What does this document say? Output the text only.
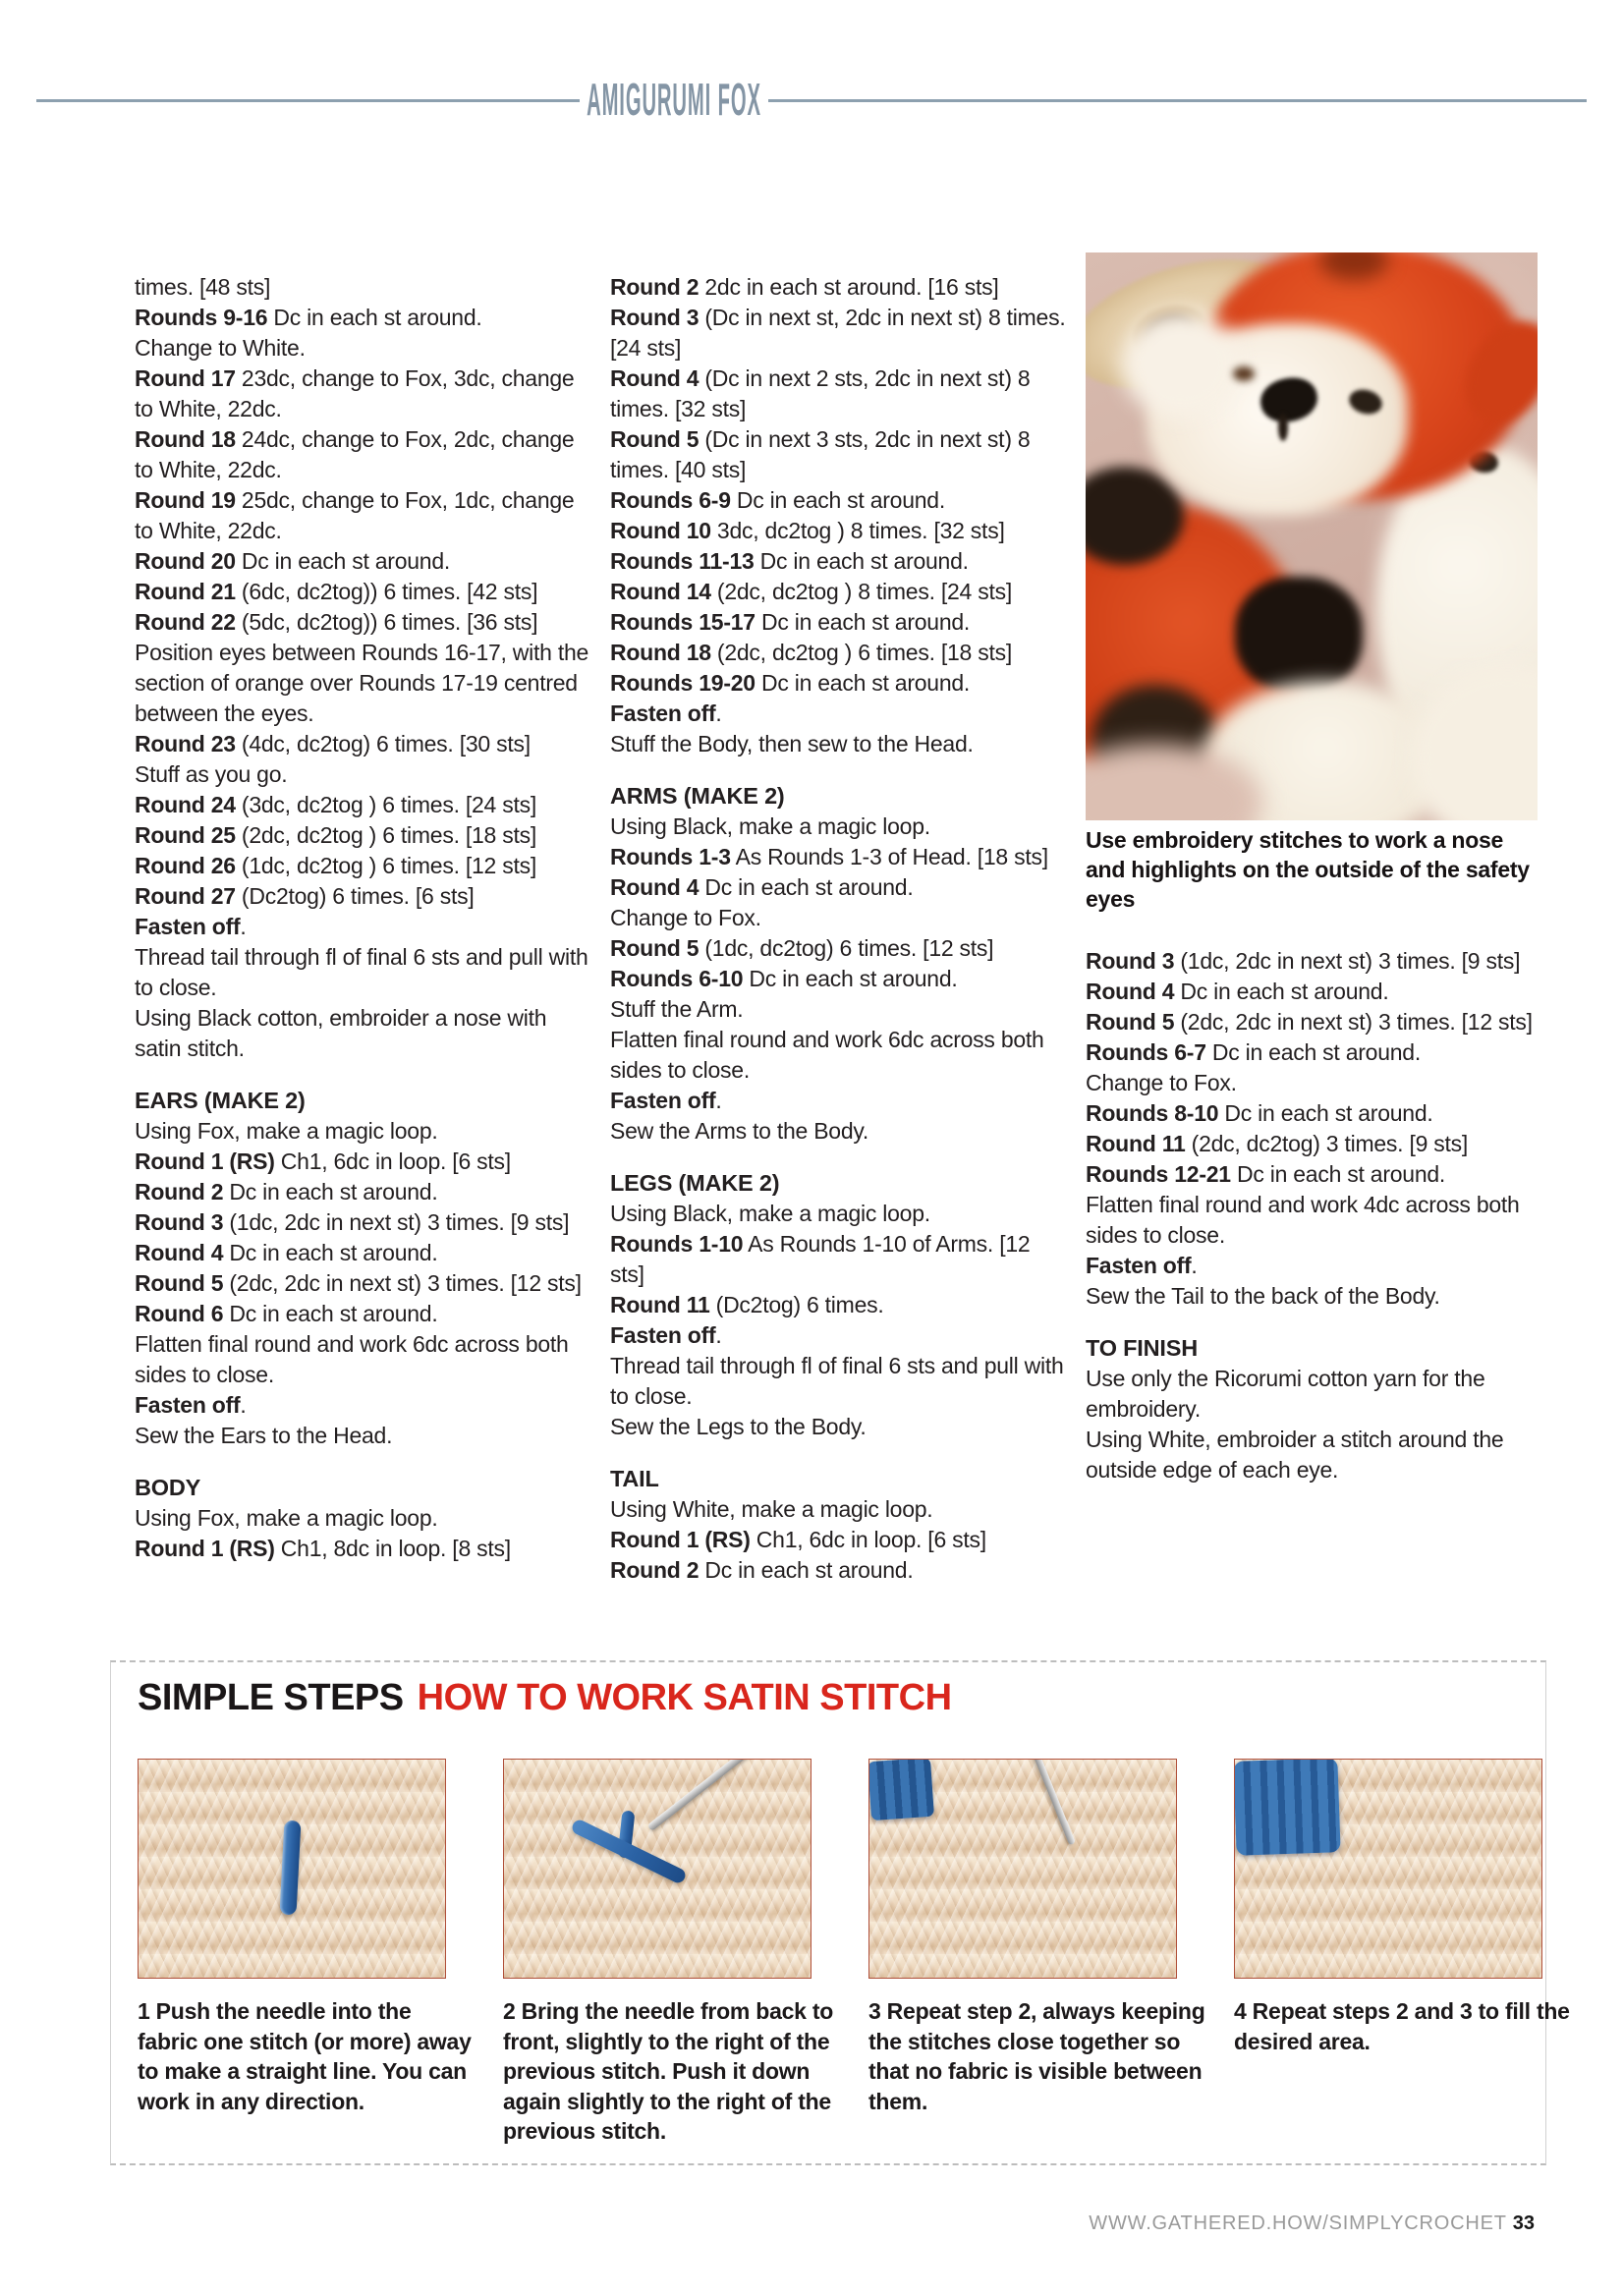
AMIGURUMI FOX

times. [48 sts]

Rounds 9-16 Dc in each st around.

Change to White.

Round 17 23dc, change to Fox, 3dc, change to White, 22dc.

Round 18 24dc, change to Fox, 2dc, change to White, 22dc.

Round 19 25dc, change to Fox, 1dc, change to White, 22dc.

Round 20 Dc in each st around.

Round 21 (6dc, dc2tog)) 6 times. [42 sts]

Round 22 (5dc, dc2tog)) 6 times. [36 sts]

Position eyes between Rounds 16-17, with the section of orange over Rounds 17-19 centred between the eyes.

Round 23 (4dc, dc2tog) 6 times. [30 sts]

Stuff as you go.

Round 24 (3dc, dc2tog ) 6 times. [24 sts]

Round 25 (2dc, dc2tog ) 6 times. [18 sts]

Round 26 (1dc, dc2tog ) 6 times. [12 sts]

Round 27 (Dc2tog) 6 times. [6 sts]

Fasten off.

Thread tail through fl of final 6 sts and pull with to close.

Using Black cotton, embroider a nose with satin stitch.

EARS (MAKE 2)

Using Fox, make a magic loop.

Round 1 (RS) Ch1, 6dc in loop. [6 sts]

Round 2 Dc in each st around.

Round 3 (1dc, 2dc in next st) 3 times. [9 sts]

Round 4 Dc in each st around.

Round 5 (2dc, 2dc in next st) 3 times. [12 sts]

Round 6 Dc in each st around.

Flatten final round and work 6dc across both sides to close.

Fasten off.

Sew the Ears to the Head.

BODY

Using Fox, make a magic loop.

Round 1 (RS) Ch1, 8dc in loop. [8 sts]

Round 2 2dc in each st around. [16 sts]

Round 3 (Dc in next st, 2dc in next st) 8 times. [24 sts]

Round 4 (Dc in next 2 sts, 2dc in next st) 8 times. [32 sts]

Round 5 (Dc in next 3 sts, 2dc in next st) 8 times. [40 sts]

Rounds 6-9 Dc in each st around.

Round 10 3dc, dc2tog ) 8 times. [32 sts]

Rounds 11-13 Dc in each st around.

Round 14 (2dc, dc2tog ) 8 times. [24 sts]

Rounds 15-17 Dc in each st around.

Round 18 (2dc, dc2tog ) 6 times. [18 sts]

Rounds 19-20 Dc in each st around.

Fasten off.

Stuff the Body, then sew to the Head.

ARMS (MAKE 2)

Using Black, make a magic loop.

Rounds 1-3 As Rounds 1-3 of Head. [18 sts]

Round 4 Dc in each st around.

Change to Fox.

Round 5 (1dc, dc2tog) 6 times. [12 sts]

Rounds 6-10 Dc in each st around.

Stuff the Arm.

Flatten final round and work 6dc across both sides to close.

Fasten off.

Sew the Arms to the Body.

LEGS (MAKE 2)

Using Black, make a magic loop.

Rounds 1-10 As Rounds 1-10 of Arms. [12 sts]

Round 11 (Dc2tog) 6 times.

Fasten off.

Thread tail through fl of final 6 sts and pull with to close.

Sew the Legs to the Body.

TAIL

Using White, make a magic loop.

Round 1 (RS) Ch1, 6dc in loop. [6 sts]

Round 2 Dc in each st around.

Round 3 (1dc, 2dc in next st) 3 times. [9 sts]

Round 4 Dc in each st around.

Round 5 (2dc, 2dc in next st) 3 times. [12 sts]

Rounds 6-7 Dc in each st around.

Change to Fox.

Rounds 8-10 Dc in each st around.

Round 11 (2dc, dc2tog) 3 times. [9 sts]

Rounds 12-21 Dc in each st around.

Flatten final round and work 4dc across both sides to close.

Fasten off.

Sew the Tail to the back of the Body.

TO FINISH

Use only the Ricorumi cotton yarn for the embroidery.

Using White, embroider a stitch around the outside edge of each eye.

Use embroidery stitches to work a nose and highlights on the outside of the safety eyes
SIMPLE STEPS HOW TO WORK SATIN STITCH
WWW.GATHERED.HOW/SIMPLYCROCHET 33
1 Push the needle into the fabric one stitch (or more) away to make a straight line. You can work in any direction.
2 Bring the needle from back to front, slightly to the right of the previous stitch. Push it down again slightly to the right of the previous stitch.
3 Repeat step 2, always keeping the stitches close together so that no fabric is visible between them.
4 Repeat steps 2 and 3 to fill the desired area.
